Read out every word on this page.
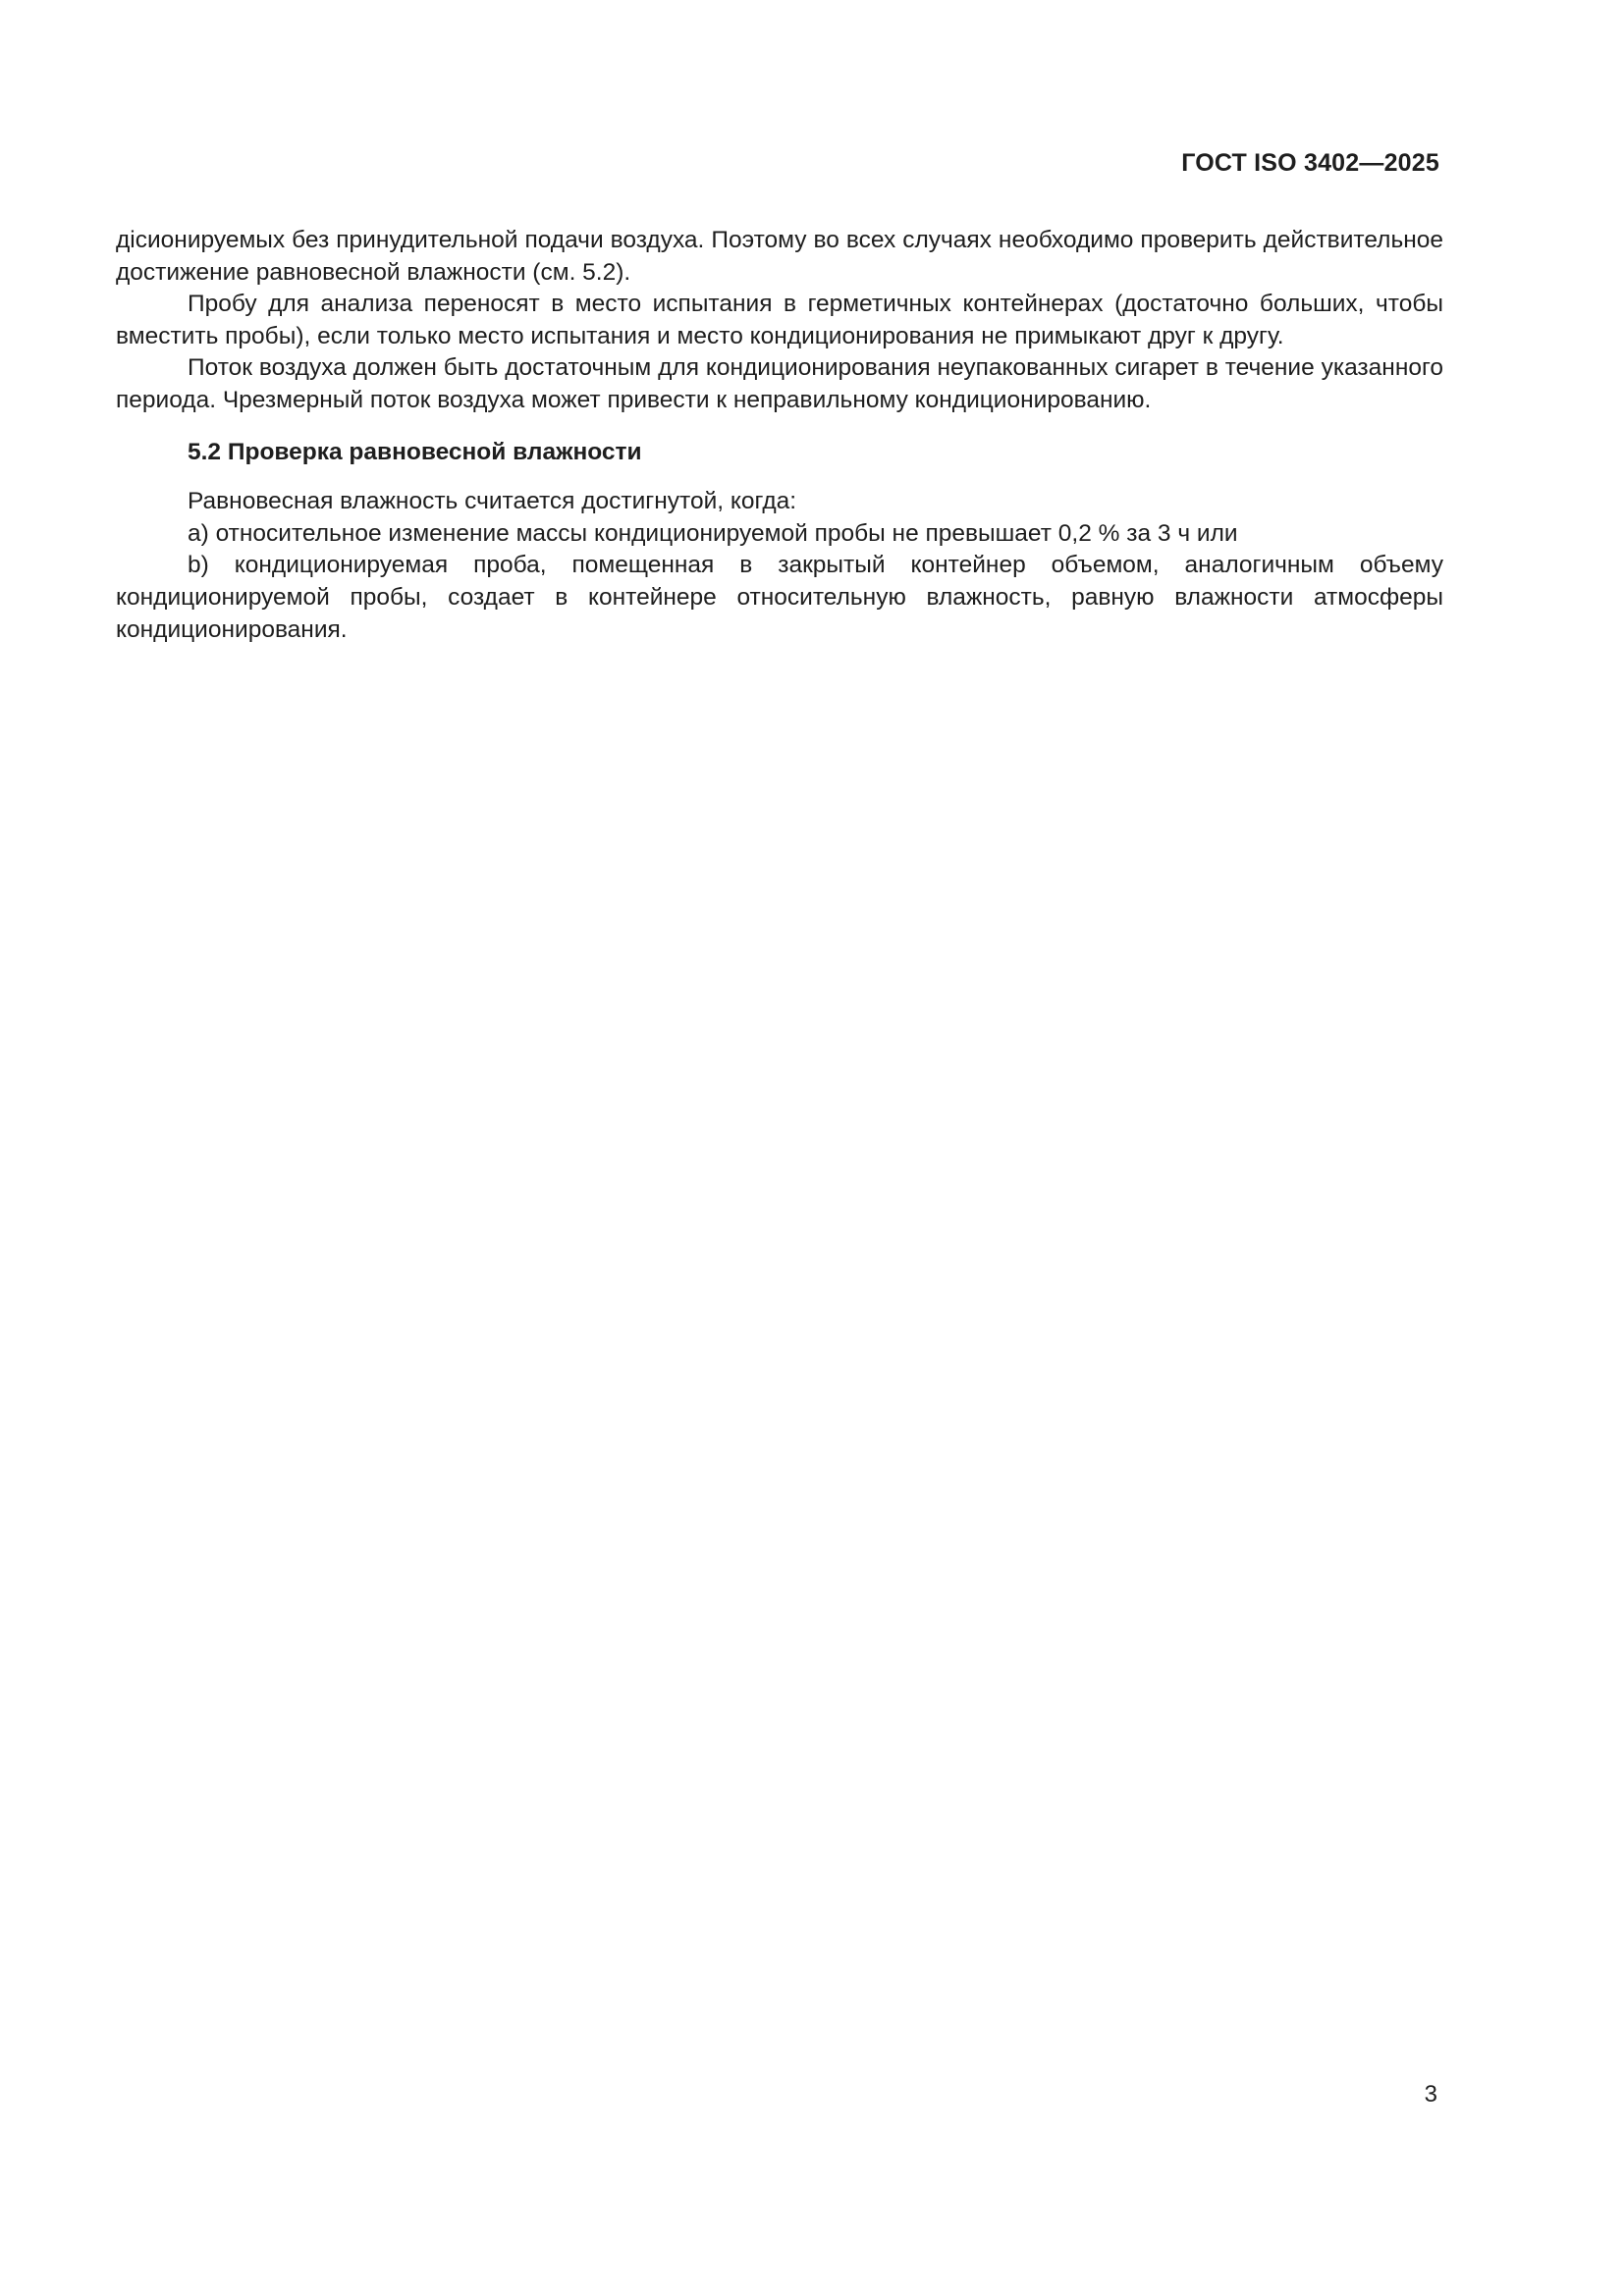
ГОСТ ISO 3402—2025

дicионируемых без принудительной подачи воздуха. Поэтому во всех случаях необходимо проверить действительное достижение равновесной влажности (см. 5.2).

Пробу для анализа переносят в место испытания в герметичных контейнерах (достаточно больших, чтобы вместить пробы), если только место испытания и место кондиционирования не примыкают друг к другу.

Поток воздуха должен быть достаточным для кондиционирования неупакованных сигарет в течение указанного периода. Чрезмерный поток воздуха может привести к неправильному кондиционированию.

5.2 Проверка равновесной влажности

Равновесная влажность считается достигнутой, когда:

a) относительное изменение массы кондиционируемой пробы не превышает 0,2 % за 3 ч или

b) кондиционируемая проба, помещенная в закрытый контейнер объемом, аналогичным объему кондиционируемой пробы, создает в контейнере относительную влажность, равную влажности атмосферы кондиционирования.

3
